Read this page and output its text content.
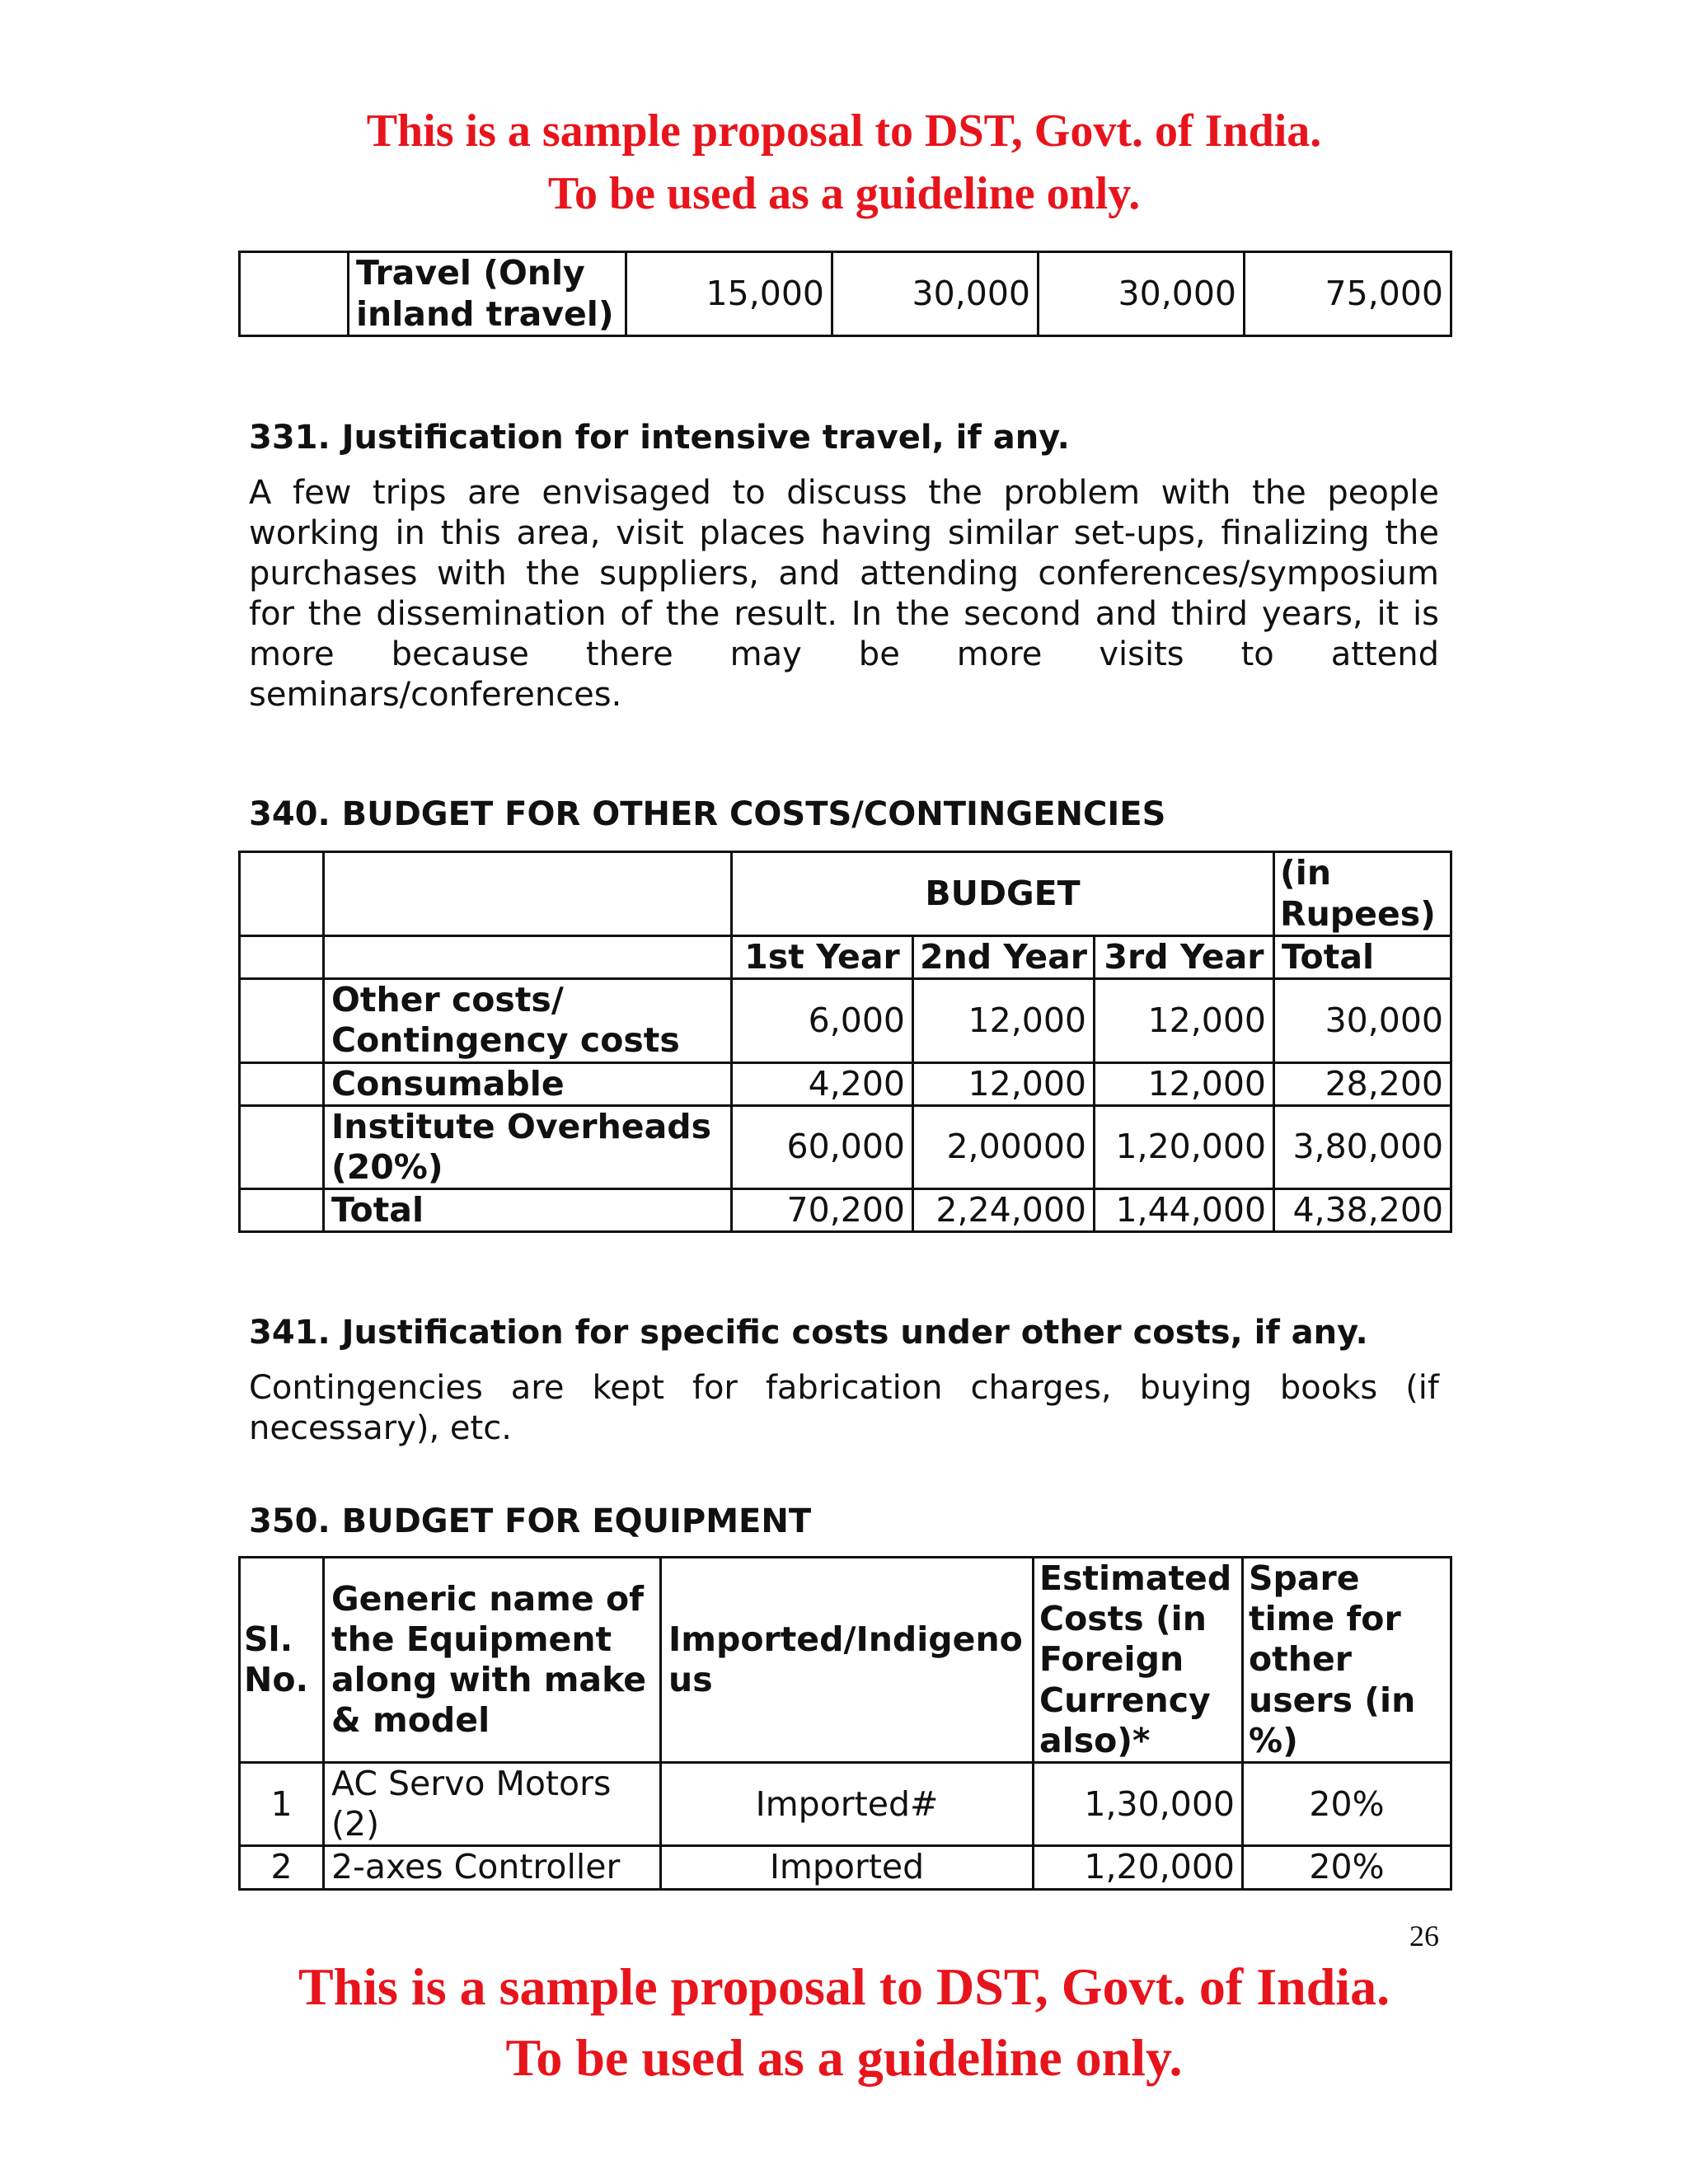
This is a sample proposal to DST, Govt. of India.
To be used as a guideline only.
	Travel (Only inland travel)	15,000	30,000	30,000	75,000
331. Justification for intensive travel, if any.
A few trips are envisaged to discuss the problem with the people working in this area, visit places having similar set-ups, finalizing the purchases with the suppliers, and attending conferences/symposium for the dissemination of the result. In the second and third years, it is more because there may be more visits to attend seminars/conferences.
340. BUDGET FOR OTHER COSTS/CONTINGENCIES
		BUDGET			(in Rupees)
		1st Year	2nd Year	3rd Year	Total
	Other costs/ Contingency costs	6,000	12,000	12,000	30,000
	Consumable	4,200	12,000	12,000	28,200
	Institute Overheads (20%)	60,000	2,00000	1,20,000	3,80,000
	Total	70,200	2,24,000	1,44,000	4,38,200
341. Justification for specific costs under other costs, if any.
Contingencies are kept for fabrication charges, buying books (if necessary), etc.
350. BUDGET FOR EQUIPMENT
Sl. No.	Generic name of the Equipment along with make & model	Imported/Indigenous	Estimated Costs (in Foreign Currency also)*	Spare time for other users (in %)
1	AC Servo Motors (2)	Imported#	1,30,000	20%
2	2-axes Controller	Imported	1,20,000	20%
26
This is a sample proposal to DST, Govt. of India.
To be used as a guideline only.
